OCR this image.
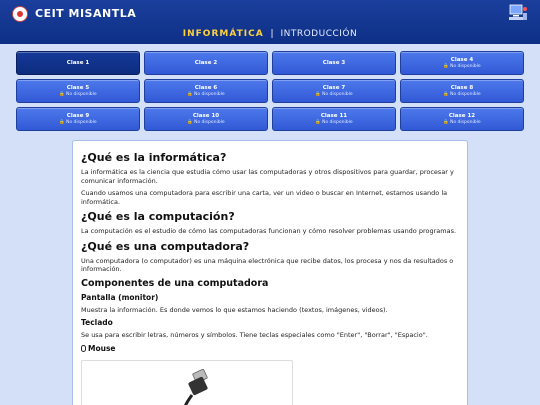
CEIT MISANTLA
INFORMÁTICA | INTRODUCCIÓN
Clase 1	Clase 2	Clase 3	Clase 4
🔒No disponible
Clase 5
🔒No disponible
Clase 6
🔒No disponible
Clase 7
🔒No disponible
Clase 8
🔒No disponible
Clase 9
🔒No disponible
Clase 10
🔒No disponible
Clase 11
🔒No disponible
Clase 12
🔒No disponible
¿Qué es la informática?

La informática es la ciencia que estudia cómo usar las computadoras y otros dispositivos para guardar, procesar y comunicar información.

Cuando usamos una computadora para escribir una carta, ver un video o buscar en Internet, estamos usando la informática.

¿Qué es la computación?

La computación es el estudio de cómo las computadoras funcionan y cómo resolver problemas usando programas.

¿Qué es una computadora?

Una computadora (o computador) es una máquina electrónica que recibe datos, los procesa y nos da resultados o información.

Componentes de una computadora
Pantalla (monitor)

Muestra la información. Es donde vemos lo que estamos haciendo (textos, imágenes, videos).

Teclado

Se usa para escribir letras, números y símbolos. Tiene teclas especiales como "Enter", "Borrar", "Espacio".

Mouse
